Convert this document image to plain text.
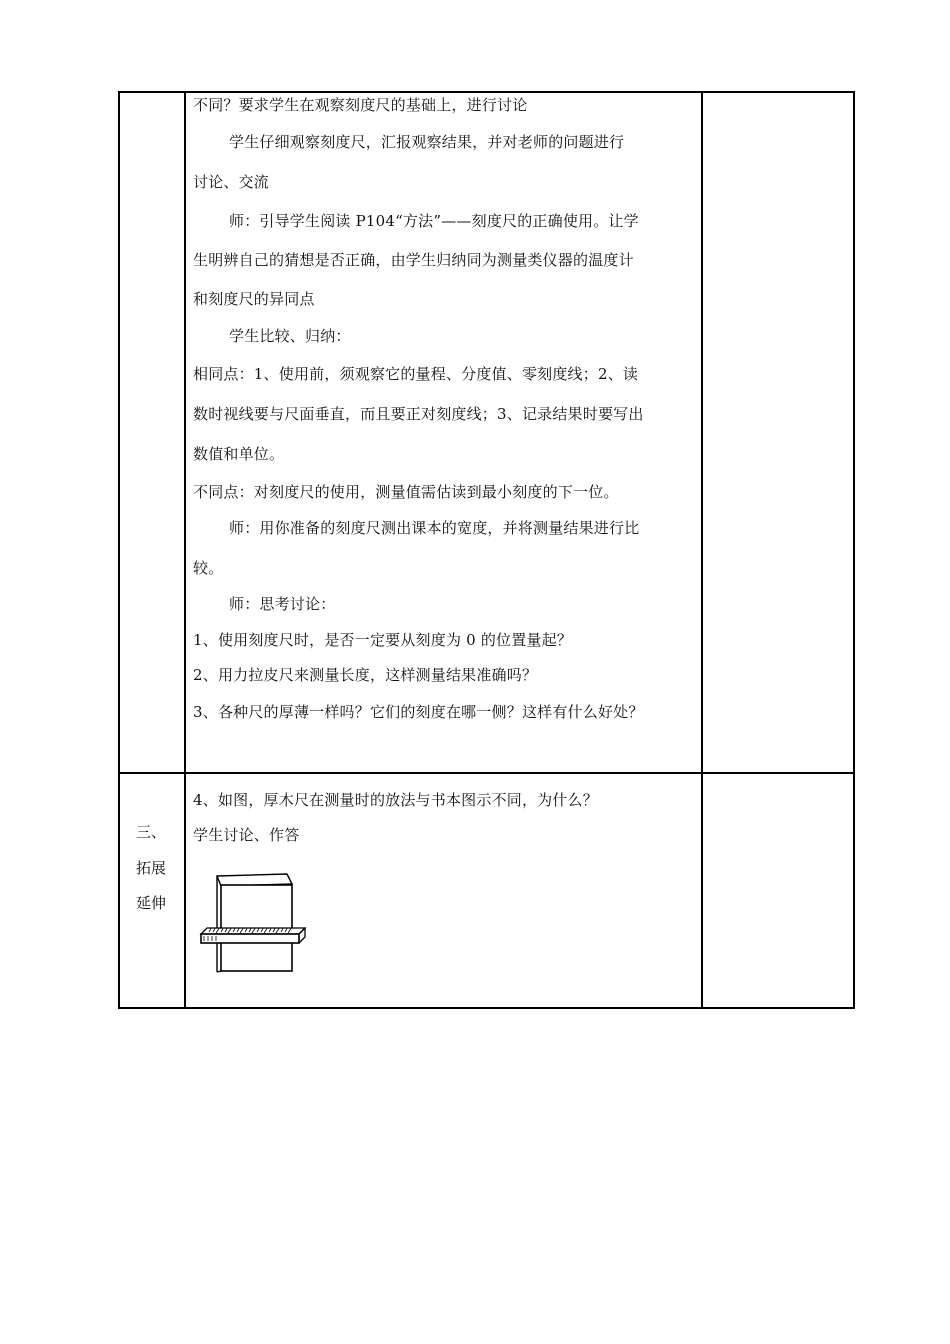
不同？要求学生在观察刻度尺的基础上，进行讨论
学生仔细观察刻度尺，汇报观察结果，并对老师的问题进行
讨论、交流
师：引导学生阅读 P104“方法”——刻度尺的正确使用。让学
生明辨自己的猜想是否正确，由学生归纳同为测量类仪器的温度计
和刻度尺的异同点
学生比较、归纳：
相同点：1、使用前，须观察它的量程、分度值、零刻度线；2、读
数时视线要与尺面垂直，而且要正对刻度线；3、记录结果时要写出
数值和单位。
不同点：对刻度尺的使用，测量值需估读到最小刻度的下一位。
师：用你准备的刻度尺测出课本的宽度，并将测量结果进行比
较。
师：思考讨论：
1、使用刻度尺时，是否一定要从刻度为 0 的位置量起？
2、用力拉皮尺来测量长度，这样测量结果准确吗？
3、各种尺的厚薄一样吗？它们的刻度在哪一侧？这样有什么好处？
三、
拓展
延伸
4、如图，厚木尺在测量时的放法与书本图示不同，为什么？
学生讨论、作答
